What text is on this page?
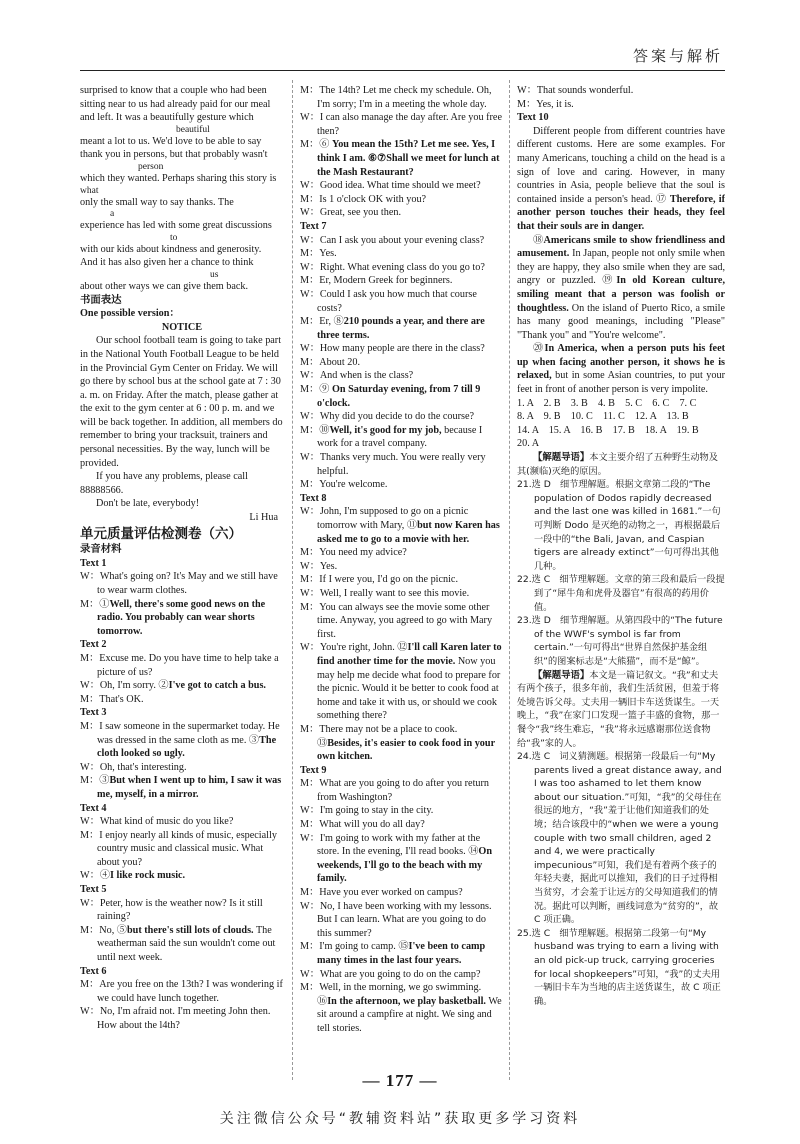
答案与解析
surprised to know that a couple who had been
sitting near to us had already paid for our meal
and left. It was a beautifully gesture which
beautiful
meant a lot to us. We'd love to be able to say
thank you in persons, but that probably wasn't
person
which they wanted. Perhaps sharing this story is
what
only the small way to say thanks. The
a
experience has led with some great discussions
to
with our kids about kindness and generosity.
And it has also given her a chance to think
us
about other ways we can give them back.
书面表达
One possible version：
NOTICE

Our school football team is going to take part in the National Youth Football League to be held in the Provincial Gym Center on Friday. We will go there by school bus at the school gate at 7 : 30 a. m. on Friday. After the match, please gather at the exit to the gym center at 6 : 00 p. m. and we will be back together. In addition, all members do remember to bring your tracksuit, trainers and personal necessities. By the way, lunch will be provided.

If you have any problems, please call 88888566.

Don't be late, everybody!

Li Hua
单元质量评估检测卷（六）
录音材料
Text 1
W：What's going on? It's May and we still have to wear warm clothes.
M：①Well, there's some good news on the radio. You probably can wear shorts tomorrow.
Text 2
M：Excuse me. Do you have time to help take a picture of us?
W：Oh, I'm sorry. ②I've got to catch a bus.
M：That's OK.
Text 3
M：I saw someone in the supermarket today. He was dressed in the same cloth as me. ③The cloth looked so ugly.
W：Oh, that's interesting.
M：③But when I went up to him, I saw it was me, myself, in a mirror.
Text 4
W：What kind of music do you like?
M：I enjoy nearly all kinds of music, especially country music and classical music. What about you?
W：④I like rock music.
Text 5
W：Peter, how is the weather now? Is it still raining?
M：No, ⑤but there's still lots of clouds. The weatherman said the sun wouldn't come out until next week.
Text 6
M：Are you free on the 13th? I was wondering if we could have lunch together.
W：No, I'm afraid not. I'm meeting John then. How about the l4th?
M：The 14th? Let me check my schedule. Oh, I'm sorry; I'm in a meeting the whole day.
W：I can also manage the day after. Are you free then?
M：⑥ You mean the 15th? Let me see. Yes, I think I am. ⑥⑦Shall we meet for lunch at the Mash Restaurant?
W：Good idea. What time should we meet?
M：Is 1 o'clock OK with you?
W：Great, see you then.
Text 7
W：Can I ask you about your evening class?
M：Yes.
W：Right. What evening class do you go to?
M：Er, Modern Greek for beginners.
W：Could I ask you how much that course costs?
M：Er, ⑧210 pounds a year, and there are three terms.
W：How many people are there in the class?
M：About 20.
W：And when is the class?
M：⑨ On Saturday evening, from 7 till 9 o'clock.
W：Why did you decide to do the course?
M：⑩Well, it's good for my job, because I work for a travel company.
W：Thanks very much. You were really very helpful.
M：You're welcome.
Text 8
W：John, I'm supposed to go on a picnic tomorrow with Mary, ⑪but now Karen has asked me to go to a movie with her.
M：You need my advice?
W：Yes.
M：If I were you, I'd go on the picnic.
W：Well, I really want to see this movie.
M：You can always see the movie some other time. Anyway, you agreed to go with Mary first.
W：You're right, John. ⑫I'll call Karen later to find another time for the movie. Now you may help me decide what food to prepare for the picnic. Would it be better to cook food at home and take it with us, or should we cook something there?
M：There may not be a place to cook. ⑬Besides, it's easier to cook food in your own kitchen.
Text 9
M：What are you going to do after you return from Washington?
W：I'm going to stay in the city.
M：What will you do all day?
W：I'm going to work with my father at the store. In the evening, I'll read books. ⑭On weekends, I'll go to the beach with my family.
M：Have you ever worked on campus?
W：No, I have been working with my lessons. But I can learn. What are you going to do this summer?
M：I'm going to camp. ⑮I've been to camp many times in the last four years.
W：What are you going to do on the camp?
M：Well, in the morning, we go swimming. ⑯In the afternoon, we play basketball. We sit around a campfire at night. We sing and tell stories.
W：That sounds wonderful.
M：Yes, it is.
Text 10

Different people from different countries have different customs. Here are some examples. For many Americans, touching a child on the head is a sign of love and caring. However, in many countries in Asia, people believe that the soul is contained inside a person's head. ⑰ Therefore, if another person touches their heads, they feel that their souls are in danger.

⑱Americans smile to show friendliness and amusement. In Japan, people not only smile when they are happy, they also smile when they are sad, angry or puzzled. ⑲In old Korean culture, smiling meant that a person was foolish or thoughtless. On the island of Puerto Rico, a smile has many good meanings, including "Please" "Thank you" and "You're welcome".

⑳In America, when a person puts his feet up when facing another person, it shows he is relaxed, but in some Asian countries, to put your feet in front of another person is very impolite.

1. A　2. B　3. B　4. B　5. C　6. C　7. C
8. A　9. B　10. C　11. C　12. A　13. B
14. A　15. A　16. B　17. B　18. A　19. B
20. A

【解题导语】本文主要介绍了五种野生动物及其(濒临)灭绝的原因。

21.选 D　细节理解题。根据文章第二段的“The population of Dodos rapidly decreased and the last one was killed in 1681.”一句可判断 Dodo 是灭绝的动物之一，再根据最后一段中的“the Bali, Javan, and Caspian tigers are already extinct”一句可得出其他几种。

22.选 C　细节理解题。文章的第三段和最后一段提到了“犀牛角和虎骨及器官”有很高的药用价值。

23.选 D　细节理解题。从第四段中的“The future of the WWF's symbol is far from certain.”一句可得出“世界自然保护基金组织”的图案标志是“大熊猫”，而不是“鲸”。

【解题导语】本文是一篇记叙文。“我”和丈夫有两个孩子，很多年前，我们生活贫困，但羞于将处境告诉父母。丈夫用一辆旧卡车送货谋生。一天晚上，“我”在家门口发现一篮子丰盛的食物，那一餐令“我”终生难忘，“我”将永远感谢那位送食物给“我”家的人。

24.选 C　词义猜测题。根据第一段最后一句“My parents lived a great distance away, and I was too ashamed to let them know about our situation.”可知，“我”的父母住在很远的地方，“我”羞于让他们知道我们的处境；结合该段中的“when we were a young couple with two small children, aged 2 and 4, we were practically impecunious”可知，我们是有着两个孩子的年轻夫妻，据此可以推知，我们的日子过得相当贫穷，才会羞于让远方的父母知道我们的情况。据此可以判断，画线词意为“贫穷的”，故 C 项正确。

25.选 C　细节理解题。根据第二段第一句“My husband was trying to earn a living with an old pick-up truck, carrying groceries for local shopkeepers”可知，“我”的丈夫用一辆旧卡车为当地的店主送货谋生，故 C 项正确。

— 177 —
关注微信公众号“教辅资料站”获取更多学习资料
